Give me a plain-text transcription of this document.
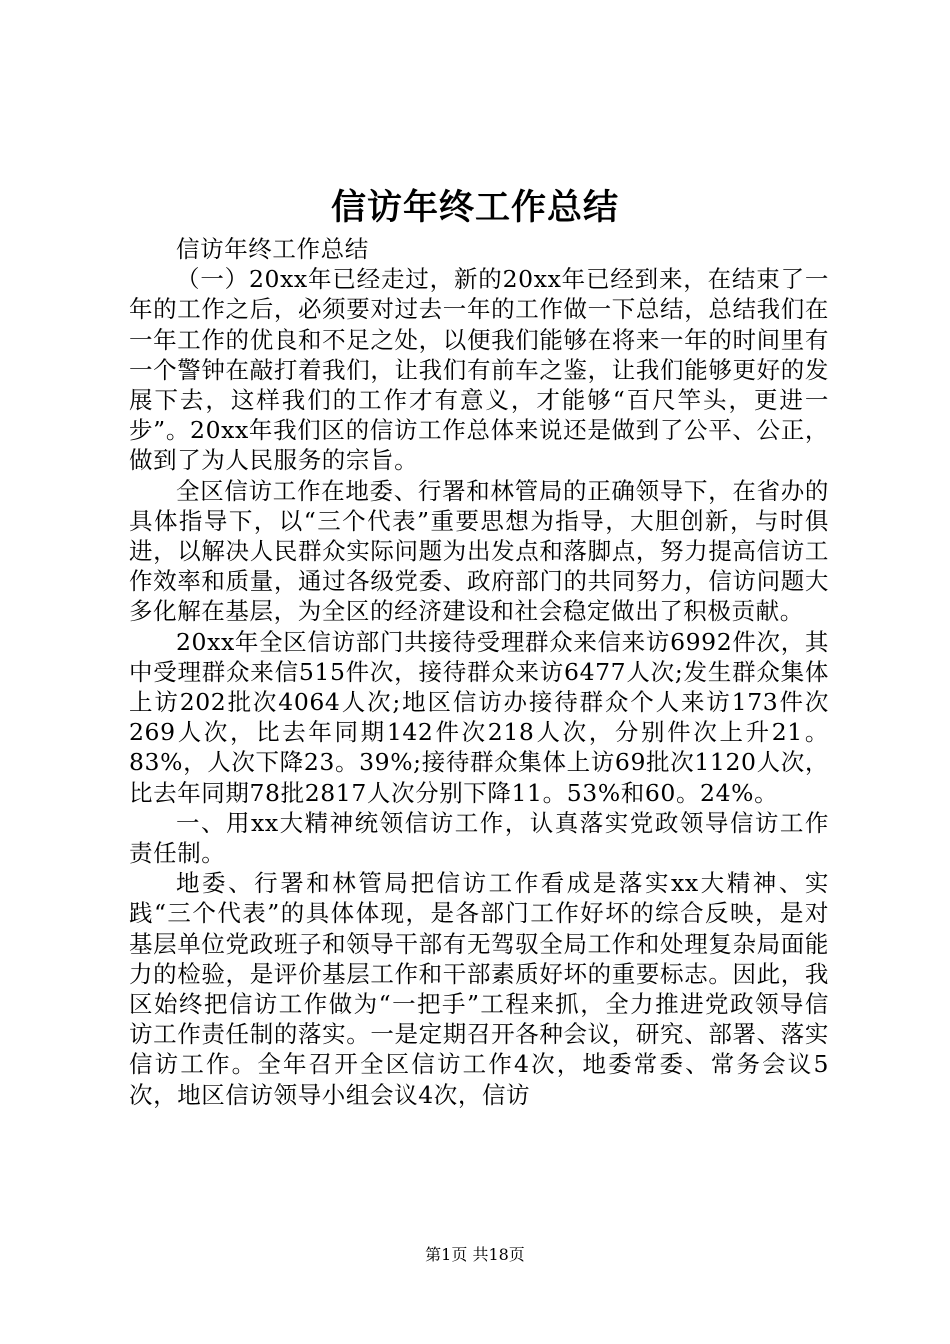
信访年终工作总结

信访年终工作总结

（一）20xx年已经走过，新的20xx年已经到来，在结束了一年的工作之后，必须要对过去一年的工作做一下总结，总结我们在一年工作的优良和不足之处，以便我们能够在将来一年的时间里有一个警钟在敲打着我们，让我们有前车之鉴，让我们能够更好的发展下去，这样我们的工作才有意义，才能够“百尺竿头，更进一步”。20xx年我们区的信访工作总体来说还是做到了公平、公正，做到了为人民服务的宗旨。

全区信访工作在地委、行署和林管局的正确领导下，在省办的具体指导下，以“三个代表”重要思想为指导，大胆创新，与时俱进，以解决人民群众实际问题为出发点和落脚点，努力提高信访工作效率和质量，通过各级党委、政府部门的共同努力，信访问题大多化解在基层，为全区的经济建设和社会稳定做出了积极贡献。

20xx年全区信访部门共接待受理群众来信来访6992件次，其中受理群众来信515件次，接待群众来访6477人次;发生群众集体上访202批次4064人次;地区信访办接待群众个人来访173件次269人次，比去年同期142件次218人次，分别件次上升21。83%，人次下降23。39%;接待群众集体上访69批次1120人次，比去年同期78批2817人次分别下降11。53%和60。24%。

一、用xx大精神统领信访工作，认真落实党政领导信访工作责任制。

地委、行署和林管局把信访工作看成是落实xx大精神、实践“三个代表”的具体体现，是各部门工作好坏的综合反映，是对基层单位党政班子和领导干部有无驾驭全局工作和处理复杂局面能力的检验，是评价基层工作和干部素质好坏的重要标志。因此，我区始终把信访工作做为“一把手”工程来抓，全力推进党政领导信访工作责任制的落实。一是定期召开各种会议，研究、部署、落实信访工作。全年召开全区信访工作4次，地委常委、常务会议5次，地区信访领导小组会议4次，信访

第1页 共18页
